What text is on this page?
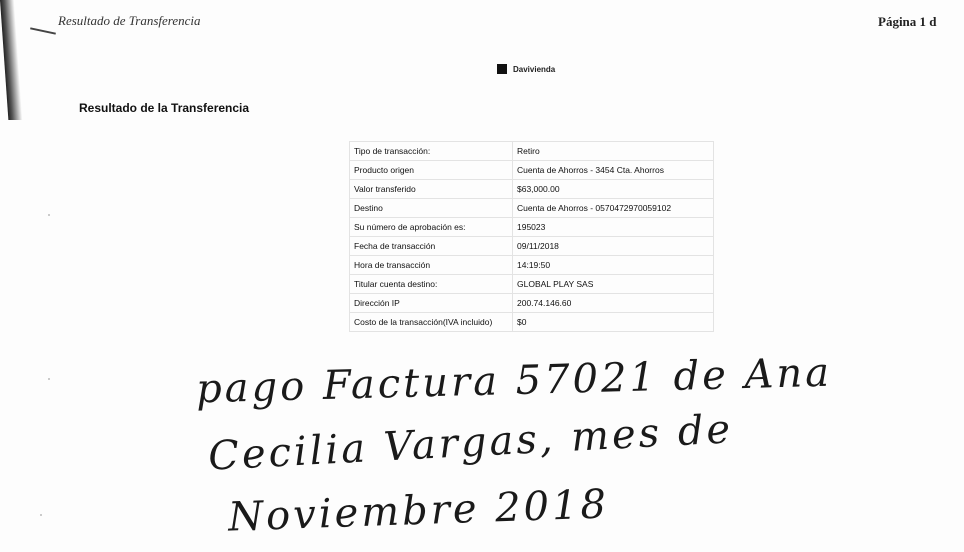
Resultado de Transferencia	Página 1 d
Davivienda
Resultado de la Transferencia
Tipo de transacción:	Retiro
Producto origen	Cuenta de Ahorros - 3454 Cta. Ahorros
Valor transferido	$63,000.00
Destino	Cuenta de Ahorros - 0570472970059102
Su número de aprobación es:	195023
Fecha de transacción	09/11/2018
Hora de transacción	14:19:50
Titular cuenta destino:	GLOBAL PLAY SAS
Dirección IP	200.74.146.60
Costo de la transacción(IVA incluido)	$0
pago Factura 57021 de Ana
Cecilia Vargas, mes de
Noviembre 2018
